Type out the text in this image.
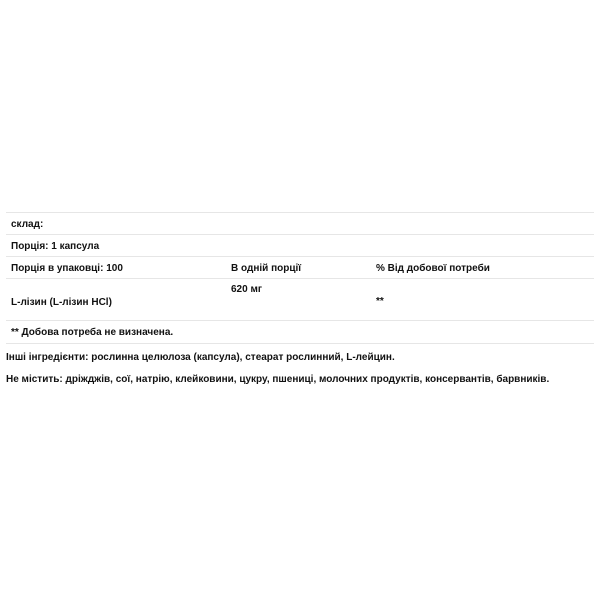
склад:
Порція: 1 капсула
Порція в упаковці: 100	В одній порції	% Від добової потреби
L-лізин (L-лізин HCl)
620 мг
**
** Добова потреба не визначена.
Інші інгредієнти: рослинна целюлоза (капсула), стеарат рослинний, L-лейцин.
Не містить: дріжджів, сої, натрію, клейковини, цукру, пшениці, молочних продуктів, консервантів, барвників.
